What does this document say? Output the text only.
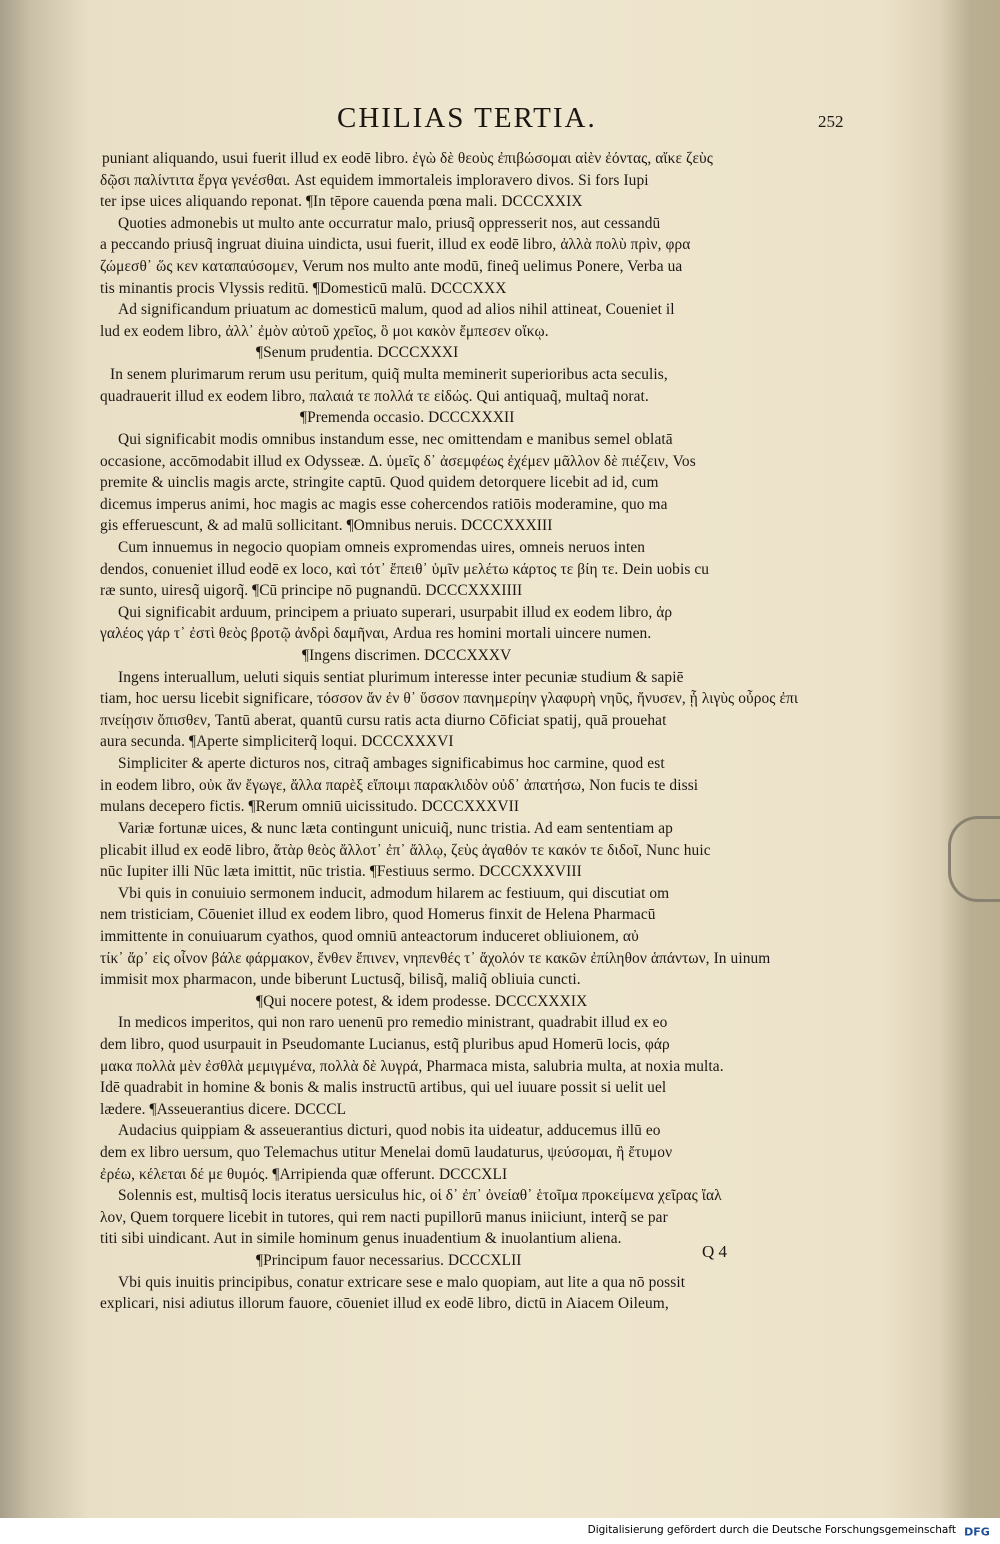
CHILIAS TERTIA.	252
puniant aliquando, usui fuerit illud ex eodē libro. ἐγὼ δὲ θεοὺς ἐπιβώσομαι αἰὲν ἐόντας, αἴκε ζεὺς
δῷσι παλίντιτα ἔργα γενέσθαι. Ast equidem immortaleis imploravero divos. Si fors Iupi
ter ipse uices aliquando reponat. ¶In tēpore cauenda pœna mali. DCCCXXIX
Quoties admonebis ut multo ante occurratur malo, priusq̃ oppresserit nos, aut cessandū
a peccando priusq̃ ingruat diuina uindicta, usui fuerit, illud ex eodē libro, ἀλλὰ πολὺ πρὶν, φρα
ζώμεσθ᾽ ὥς κεν καταπαύσομεν, Verum nos multo ante modū, fineq̃ uelimus Ponere, Verba ua
tis minantis procis Vlyssis reditū. ¶Domesticū malū. DCCCXXX
Ad significandum priuatum ac domesticū malum, quod ad alios nihil attineat, Coueniet il
lud ex eodem libro, ἀλλ᾽ ἐμὸν αὐτοῦ χρεῖος, ὃ μοι κακὸν ἔμπεσεν οἴκῳ.
¶Senum prudentia. DCCCXXXI
In senem plurimarum rerum usu peritum, quiq̃ multa meminerit superioribus acta seculis,
quadrauerit illud ex eodem libro, παλαιά τε πολλά τε εἰδώς. Qui antiquaq̃, multaq̃ norat.
¶Premenda occasio. DCCCXXXII
Qui significabit modis omnibus instandum esse, nec omittendam e manibus semel oblatā
occasione, accōmodabit illud ex Odysseæ. Δ. ὑμεῖς δ᾽ ἀσεμφέως ἐχέμεν μᾶλλον δὲ πιέζειν, Vos
premite & uinclis magis arcte, stringite captū. Quod quidem detorquere licebit ad id, cum
dicemus imperus animi, hoc magis ac magis esse cohercendos ratiōis moderamine, quo ma
gis efferuescunt, & ad malū sollicitant. ¶Omnibus neruis. DCCCXXXIII
Cum innuemus in negocio quopiam omneis expromendas uires, omneis neruos inten
dendos, conueniet illud eodē ex loco, καὶ τότ᾽ ἔπειθ᾽ ὑμῖν μελέτω κάρτος τε βίη τε. Dein uobis cu
ræ sunto, uiresq̃ uigorq̃. ¶Cū principe nō pugnandū. DCCCXXXIIII
Qui significabit arduum, principem a priuato superari, usurpabit illud ex eodem libro, ἀρ
γαλέος γάρ τ᾽ ἐστὶ θεὸς βροτῷ ἀνδρὶ δαμῆναι, Ardua res homini mortali uincere numen.
¶Ingens discrimen. DCCCXXXV
Ingens interuallum, ueluti siquis sentiat plurimum interesse inter pecuniæ studium & sapiē
tiam, hoc uersu licebit significare, τόσσον ἄν ἐν θ᾽ ὕσσον πανημερίην γλαφυρὴ νηῦς, ἤνυσεν, ᾗ λιγὺς οὖρος ἐπι
πνείῃσιν ὄπισθεν, Tantū aberat, quantū cursu ratis acta diurno Cōficiat spatij, quā prouehat
aura secunda. ¶Aperte simpliciterq̃ loqui. DCCCXXXVI
Simpliciter & aperte dicturos nos, citraq̃ ambages significabimus hoc carmine, quod est
in eodem libro, οὐκ ἄν ἔγωγε, ἄλλα παρὲξ εἴποιμι παρακλιδὸν οὐδ᾽ ἀπατήσω, Non fucis te dissi
mulans decepero fictis. ¶Rerum omniū uicissitudo. DCCCXXXVII
Variæ fortunæ uices, & nunc læta contingunt unicuiq̃, nunc tristia. Ad eam sententiam ap
plicabit illud ex eodē libro, ἄτὰρ θεὸς ἄλλοτ᾽ ἐπ᾽ ἄλλῳ, ζεὺς ἀγαθόν τε κακόν τε διδοῖ, Nunc huic
nūc Iupiter illi Nūc læta imittit, nūc tristia. ¶Festiuus sermo. DCCCXXXVIII
Vbi quis in conuiuio sermonem inducit, admodum hilarem ac festiuum, qui discutiat om
nem tristiciam, Cōueniet illud ex eodem libro, quod Homerus finxit de Helena Pharmacū
immittente in conuiuarum cyathos, quod omniū anteactorum induceret obliuionem, αὐ
τίκ᾽ ἄρ᾽ εἰς οἶνον βάλε φάρμακον, ἔνθεν ἔπινεν, νηπενθές τ᾽ ἄχολόν τε κακῶν ἐπίληθον ἁπάντων, In uinum
immisit mox pharmacon, unde biberunt Luctusq̃, bilisq̃, maliq̃ obliuia cuncti.
¶Qui nocere potest, & idem prodesse. DCCCXXXIX
In medicos imperitos, qui non raro uenenū pro remedio ministrant, quadrabit illud ex eo
dem libro, quod usurpauit in Pseudomante Lucianus, estq̃ pluribus apud Homerū locis, φάρ
μακα πολλὰ μὲν ἐσθλὰ μεμιγμένα, πολλὰ δὲ λυγρά, Pharmaca mista, salubria multa, at noxia multa.
Idē quadrabit in homine & bonis & malis instructū artibus, qui uel iuuare possit si uelit uel
lædere. ¶Asseuerantius dicere. DCCCL
Audacius quippiam & asseuerantius dicturi, quod nobis ita uideatur, adducemus illū eo
dem ex libro uersum, quo Telemachus utitur Menelai domū laudaturus, ψεύσομαι, ἢ ἔτυμον
ἐρέω, κέλεται δέ με θυμός. ¶Arripienda quæ offerunt. DCCCXLI
Solennis est, multisq̃ locis iteratus uersiculus hic, οἱ δ᾽ ἐπ᾽ ὀνείαθ᾽ ἑτοῖμα προκείμενα χεῖρας ἴαλ
λον, Quem torquere licebit in tutores, qui rem nacti pupillorū manus iniiciunt, interq̃ se par
titi sibi uindicant. Aut in simile hominum genus inuadentium & inuolantium aliena.
¶Principum fauor necessarius. DCCCXLII
Vbi quis inuitis principibus, conatur extricare sese e malo quopiam, aut lite a qua nō possit
explicari, nisi adiutus illorum fauore, cōueniet illud ex eodē libro, dictū in Aiacem Oileum,
Q 4
Digitalisierung gefördert durch die Deutsche Forschungsgemeinschaft DFG
